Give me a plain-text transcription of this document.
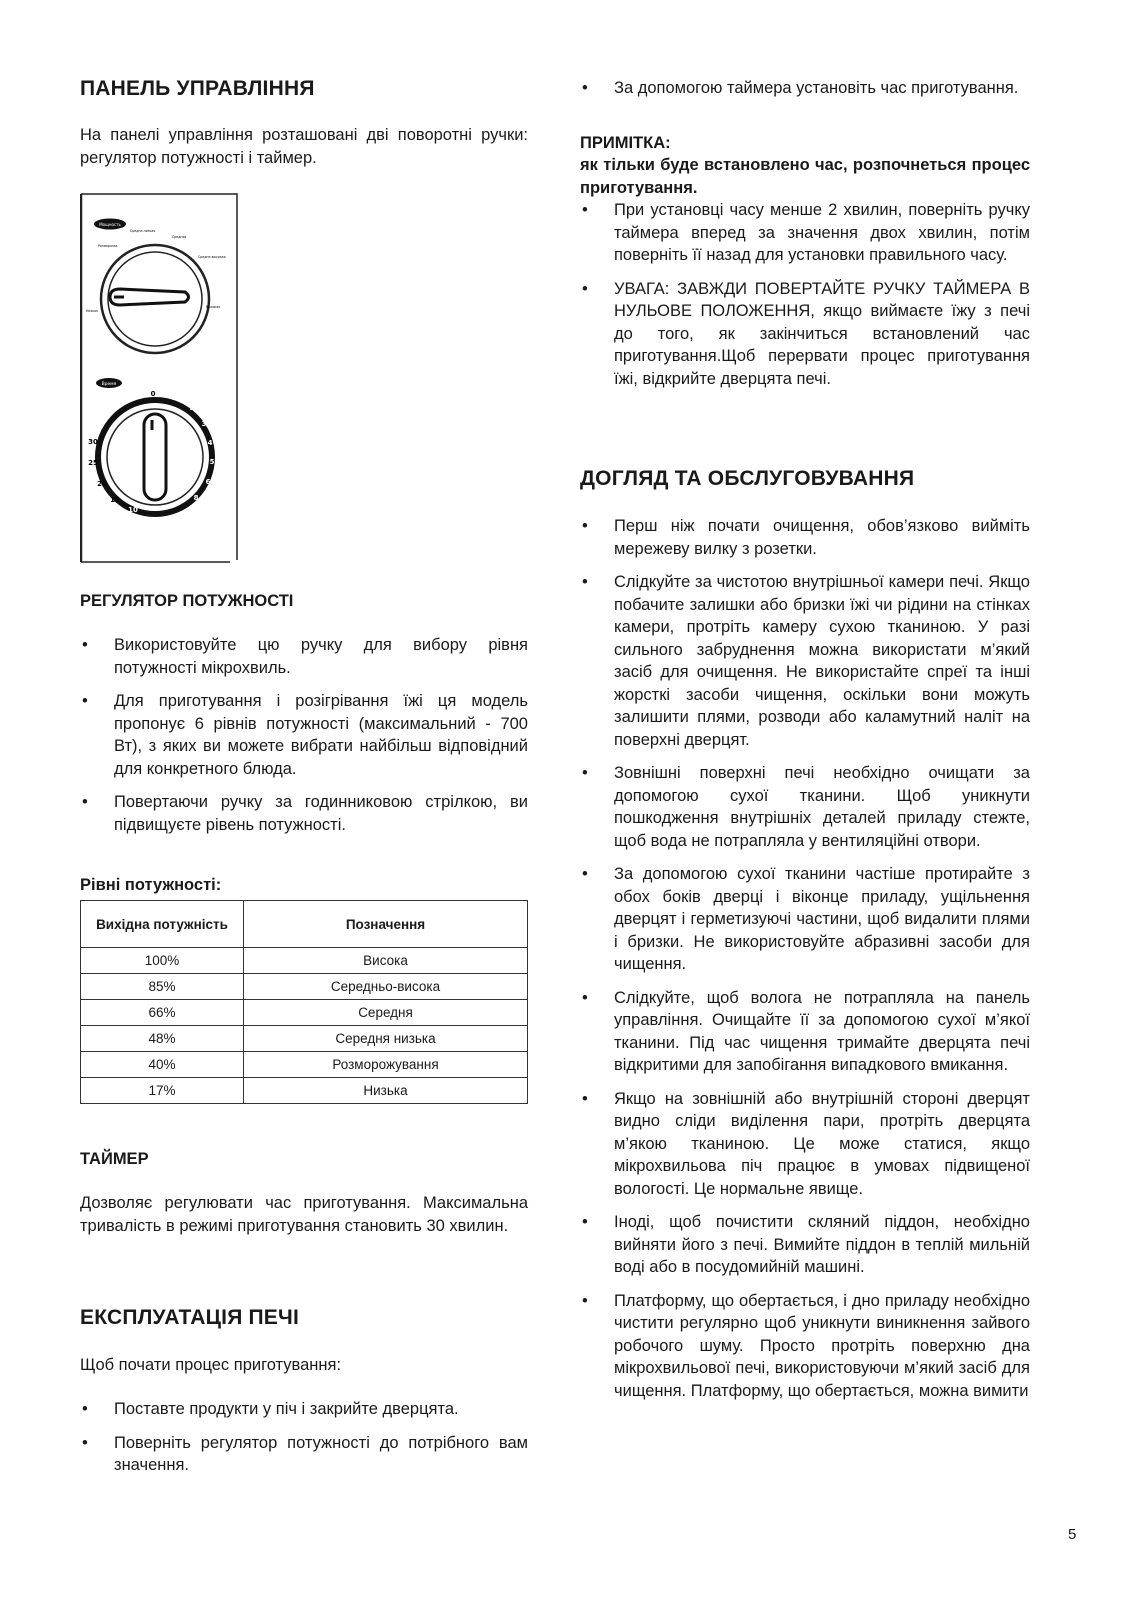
ПАНЕЛЬ УПРАВЛІННЯ

На панелі управління розташовані дві поворотні ручки: регулятор потужності і таймер.

Мощность
Разморозка
Средне-низкая
Средняя
Средне-высокая
Низкая
Высокая
Время
0 1
2
3
4
5
6
8
10
15
20
25
30
РЕГУЛЯТОР ПОТУЖНОСТІ
• Використовуйте цю ручку для вибору рівня потужності мікрохвиль.
• Для приготування і розігрівання їжі ця модель пропонує 6 рівнів потужності (максимальний - 700 Вт), з яких ви можете вибрати найбільш відповідний для конкретного блюда.
• Повертаючи ручку за годинниковою стрілкою, ви підвищуєте рівень потужності.
Рівні потужності:
Вихідна потужність	Позначення
100%	Висока
85%	Середньо-висока
66%	Середня
48%	Середня низька
40%	Розморожування
17%	Низька
ТАЙМЕР

Дозволяє регулювати час приготування. Максимальна тривалість в режимі приготування становить 30 хвилин.

ЕКСПЛУАТАЦІЯ ПЕЧІ

Щоб почати процес приготування:

• Поставте продукти у піч і закрийте дверцята.
• Поверніть регулятор потужності до потрібного вам значення.
• За допомогою таймера установіть час приготування.

ПРИМІТКА:

як тільки буде встановлено час, розпочнеться процес приготування.

• При установці часу менше 2 хвилин, поверніть ручку таймера вперед за значення двох хвилин, потім поверніть її назад для установки правильного часу.
• УВАГА: ЗАВЖДИ ПОВЕРТАЙТЕ РУЧКУ ТАЙМЕРА В НУЛЬОВЕ ПОЛОЖЕННЯ, якщо виймаєте їжу з печі до того, як закінчиться встановлений час приготування.Щоб перервати процес приготування їжі, відкрийте дверцята печі.
ДОГЛЯД ТА ОБСЛУГОВУВАННЯ
• Перш ніж почати очищення, обов’язково вийміть мережеву вилку з розетки.
• Слідкуйте за чистотою внутрішньої камери печі. Якщо побачите залишки або бризки їжі чи рідини на стінках камери, протріть камеру сухою тканиною. У разі сильного забруднення можна використати м’який засіб для очищення. Не використайте спреї та інші жорсткі засоби чищення, оскільки вони можуть залишити плями, розводи або каламутний наліт на поверхні дверцят.
• Зовнішні поверхні печі необхідно очищати за допомогою сухої тканини. Щоб уникнути пошкодження внутрішніх деталей приладу стежте, щоб вода не потрапляла у вентиляційні отвори.
• За допомогою сухої тканини частіше протирайте з обох боків дверці і віконце приладу, ущільнення дверцят і герметизуючі частини, щоб видалити плями і бризки. Не використовуйте абразивні засоби для чищення.
• Слідкуйте, щоб волога не потрапляла на панель управління. Очищайте її за допомогою сухої м’якої тканини. Під час чищення тримайте дверцята печі відкритими для запобігання випадкового вмикання.
• Якщо на зовнішній або внутрішній стороні дверцят видно сліди виділення пари, протріть дверцята м’якою тканиною. Це може статися, якщо мікрохвильова піч працює в умовах підвищеної вологості. Це нормальне явище.
• Іноді, щоб почистити скляний піддон, необхідно вийняти його з печі. Вимийте піддон в теплій мильній воді або в посудомийній машині.
• Платформу, що обертається, і дно приладу необхідно чистити регулярно щоб уникнути виникнення зайвого робочого шуму. Просто протріть поверхню дна мікрохвильової печі, використовуючи м’який засіб для чищення. Платформу, що обертається, можна вимити
5
